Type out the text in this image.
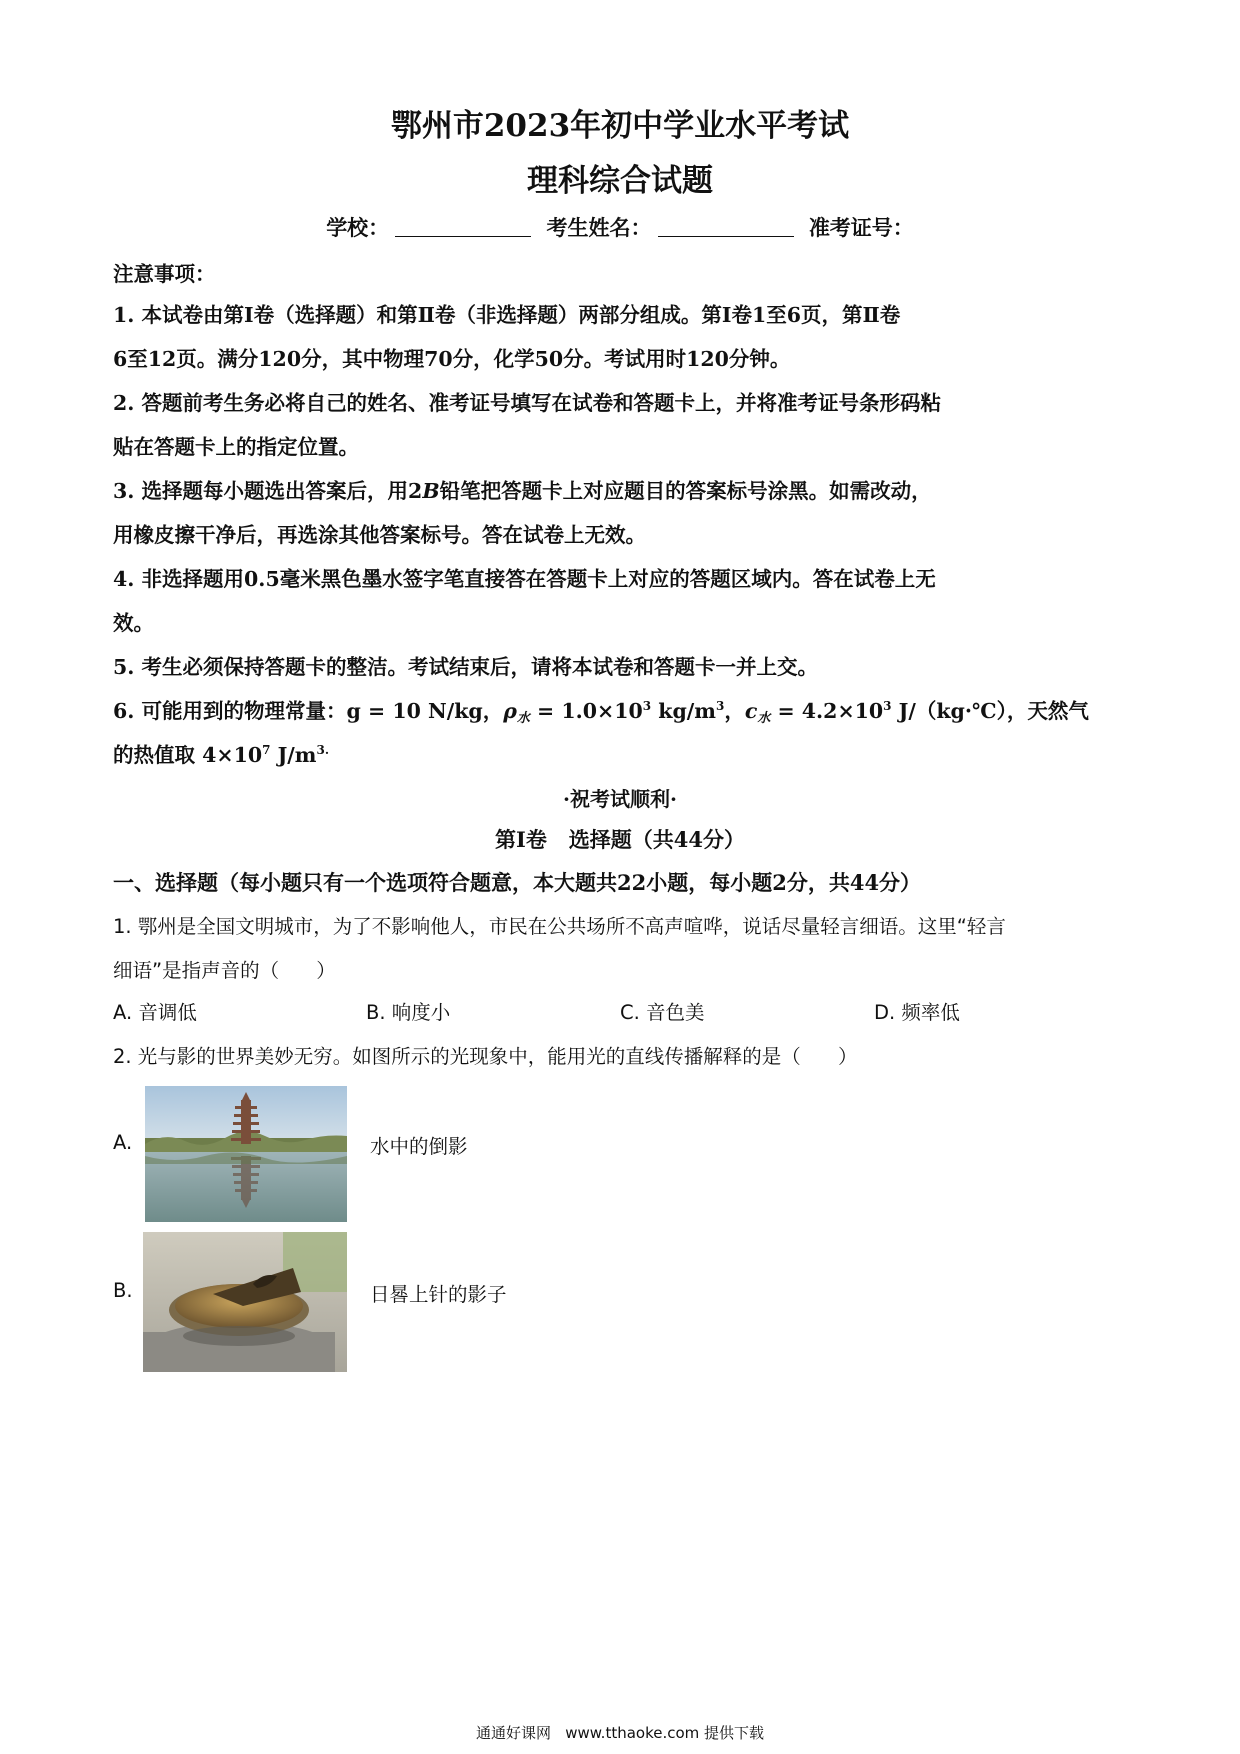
鄂州市2023年初中学业水平考试
理科综合试题
学校：	考生姓名：	准考证号：
注意事项：
1. 本试卷由第Ⅰ卷（选择题）和第Ⅱ卷（非选择题）两部分组成。第Ⅰ卷1至6页，第Ⅱ卷
6至12页。满分120分，其中物理70分，化学50分。考试用时120分钟。
2. 答题前考生务必将自己的姓名、准考证号填写在试卷和答题卡上，并将准考证号条形码粘
贴在答题卡上的指定位置。
3. 选择题每小题选出答案后，用2B铅笔把答题卡上对应题目的答案标号涂黑。如需改动，
用橡皮擦干净后，再选涂其他答案标号。答在试卷上无效。
4. 非选择题用0.5毫米黑色墨水签字笔直接答在答题卡上对应的答题区域内。答在试卷上无
效。
5. 考生必须保持答题卡的整洁。考试结束后，请将本试卷和答题卡一并上交。
6. 可能用到的物理常量：g = 10 N/kg，$\rho_水 = 1.0\times 10^3$ $kg/m^3$，$c_水 = 4.2\times 10^3$ J/（kg·℃），天然气
的热值取 $4\times 10^7$ $J/m^{3.}$
·祝考试顺利·
第Ⅰ卷   选择题（共44分）
一、选择题（每小题只有一个选项符合题意，本大题共22小题，每小题2分，共44分）
1. 鄂州是全国文明城市，为了不影响他人，市民在公共场所不高声喧哗，说话尽量轻言细语。这里“轻言
细语”是指声音的（      ）
A. 音调低	B. 响度小	C. 音色美	D. 频率低
2. 光与影的世界美妙无穷。如图所示的光现象中，能用光的直线传播解释的是（      ）
A.	水中的倒影
B.	日晷上针的影子
通通好课网   www.tthaoke.com 提供下载
